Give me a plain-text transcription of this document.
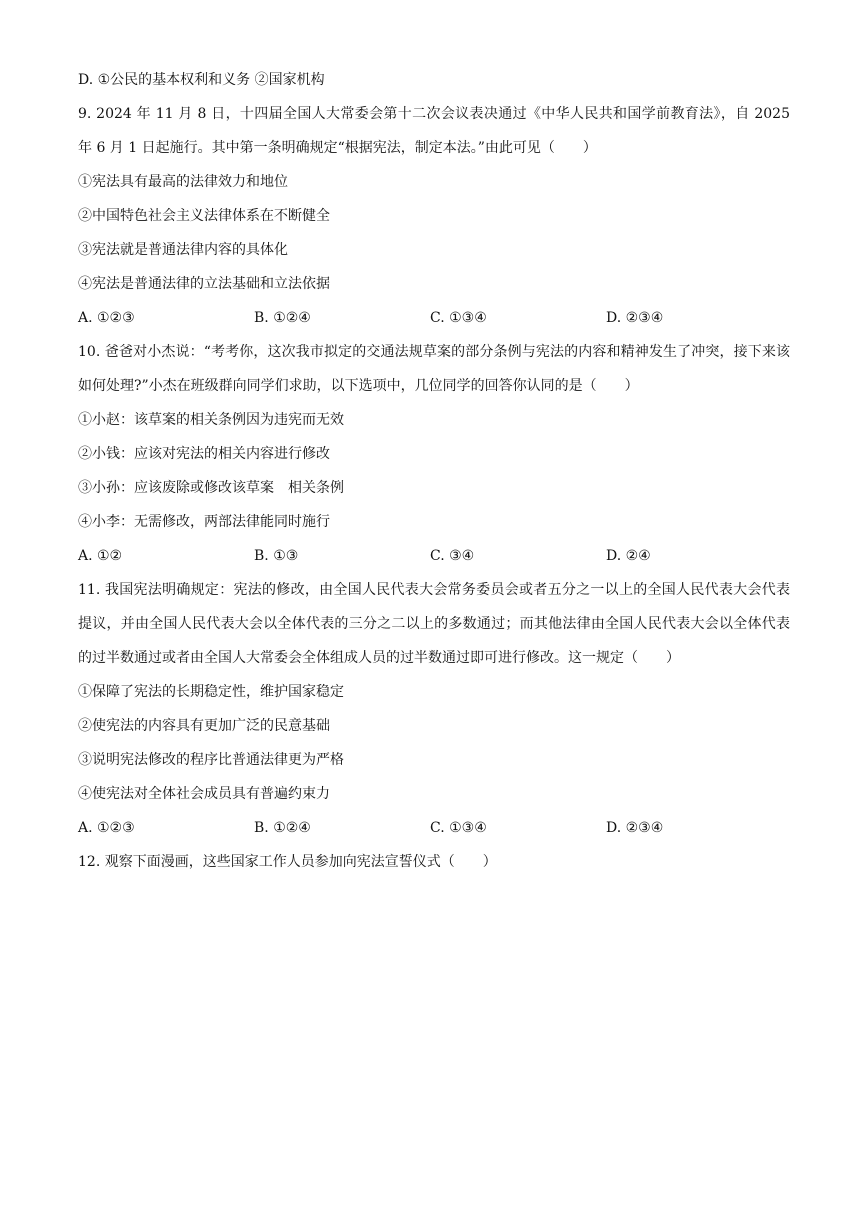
D. ①公民的基本权利和义务 ②国家机构
9. 2024 年 11 月 8 日，十四届全国人大常委会第十二次会议表决通过《中华人民共和国学前教育法》，自 2025 年 6 月 1 日起施行。其中第一条明确规定“根据宪法，制定本法。”由此可见（　　）
①宪法具有最高的法律效力和地位
②中国特色社会主义法律体系在不断健全
③宪法就是普通法律内容的具体化
④宪法是普通法律的立法基础和立法依据
A. ①②③	B. ①②④	C. ①③④	D. ②③④
10. 爸爸对小杰说：“考考你，这次我市拟定的交通法规草案的部分条例与宪法的内容和精神发生了冲突，接下来该如何处理?”小杰在班级群向同学们求助，以下选项中，几位同学的回答你认同的是（　　）
①小赵：该草案的相关条例因为违宪而无效
②小钱：应该对宪法的相关内容进行修改
③小孙：应该废除或修改该草案　相关条例
④小李：无需修改，两部法律能同时施行
A. ①②	B. ①③	C. ③④	D. ②④
11. 我国宪法明确规定：宪法的修改，由全国人民代表大会常务委员会或者五分之一以上的全国人民代表大会代表提议，并由全国人民代表大会以全体代表的三分之二以上的多数通过；而其他法律由全国人民代表大会以全体代表的过半数通过或者由全国人大常委会全体组成人员的过半数通过即可进行修改。这一规定（　　）
①保障了宪法的长期稳定性，维护国家稳定
②使宪法的内容具有更加广泛的民意基础
③说明宪法修改的程序比普通法律更为严格
④使宪法对全体社会成员具有普遍约束力
A. ①②③	B. ①②④	C. ①③④	D. ②③④
12. 观察下面漫画，这些国家工作人员参加向宪法宣誓仪式（　　）
